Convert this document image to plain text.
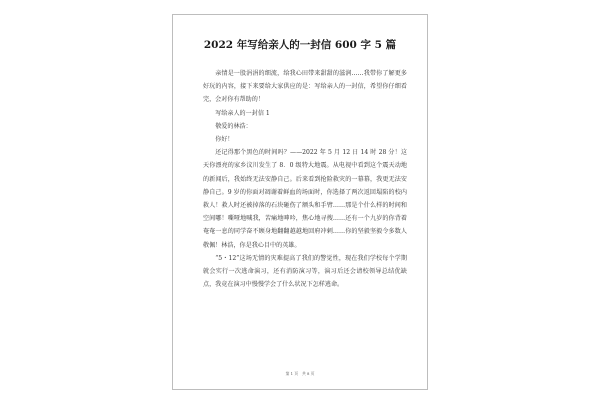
2022 年写给亲人的一封信 600 字 5 篇

亲情是一股涓涓的细流，给我心田带来甜甜的滋润……我带你了解更多好玩的内容，接下来要给大家供应的是：写给亲人的一封信，希望你仔细看完，会对你有帮助的！

写给亲人的一封信 1

敬爱的林浩：

你好！

还记得那个黑色的时间吗？——2022 年 5 月 12 日 14 时 28 分！这天你漂亮的家乡汶川发生了 8．0 级特大地震。从电视中看到这个震天动地的新闻后，我始终无法安静自己。后来看到抢险救灾的一幕幕，我更无法安静自己。9 岁的你面对凋谢着鲜血的场面时，你选择了两次返回塌陷的校内救人！救人时还被掉落的石块砸伤了额头和手臂……那是个什么样的时间和空间哪！嘶哑地喊我，苦痛地呻吟，焦心地寻搜……还有一个九岁的你背着奄奄一息的同学奋不顾身地翻翻越越地回府冲刺……你的坚毅坚毅令多数人敬佩！林浩，你是我心目中的英雄。

“5・12”这场无情的灾难提高了我们的警觉性，现在我们学校每个学期就会实行一次逃命演习，还有消防演习等，演习后还会请校领导总结优缺点，我竟在演习中慢慢学会了什么状况下怎样逃命。

第 1 页 共 8 页
